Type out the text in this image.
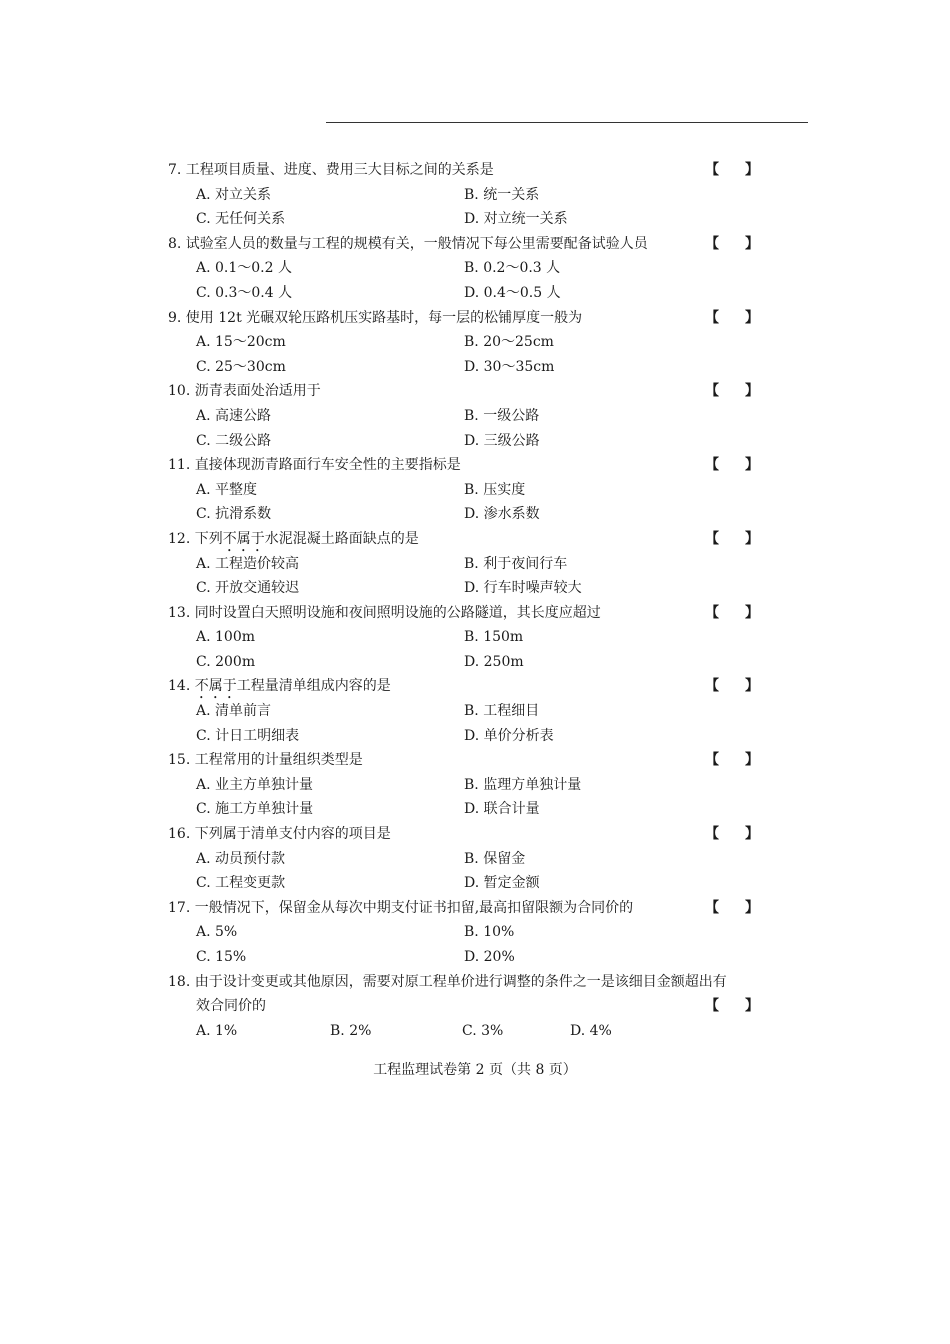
7. 工程项目质量、进度、费用三大目标之间的关系是	【 】
A. 对立关系	B. 统一关系
C. 无任何关系	D. 对立统一关系
8. 试验室人员的数量与工程的规模有关，一般情况下每公里需要配备试验人员	【 】
A. 0.1～0.2 人	B. 0.2～0.3 人
C. 0.3～0.4 人	D. 0.4～0.5 人
9. 使用 12t 光碾双轮压路机压实路基时，每一层的松铺厚度一般为	【 】
A. 15～20cm	B. 20～25cm
C. 25～30cm	D. 30～35cm
10. 沥青表面处治适用于	【 】
A. 高速公路	B. 一级公路
C. 二级公路	D. 三级公路
11. 直接体现沥青路面行车安全性的主要指标是	【 】
A. 平整度	B. 压实度
C. 抗滑系数	D. 渗水系数
12. 下列不属于水泥混凝土路面缺点的是	【 】
A. 工程造价较高	B. 利于夜间行车
C. 开放交通较迟	D. 行车时噪声较大
13. 同时设置白天照明设施和夜间照明设施的公路隧道，其长度应超过	【 】
A. 100m	B. 150m
C. 200m	D. 250m
14. 不属于工程量清单组成内容的是	【 】
A. 清单前言	B. 工程细目
C. 计日工明细表	D. 单价分析表
15. 工程常用的计量组织类型是	【 】
A. 业主方单独计量	B. 监理方单独计量
C. 施工方单独计量	D. 联合计量
16. 下列属于清单支付内容的项目是	【 】
A. 动员预付款	B. 保留金
C. 工程变更款	D. 暂定金额
17. 一般情况下，保留金从每次中期支付证书扣留,最高扣留限额为合同价的	【 】
A. 5%	B. 10%
C. 15%	D. 20%
18. 由于设计变更或其他原因，需要对原工程单价进行调整的条件之一是该细目金额超出有
效合同价的	【 】
A. 1%	B. 2%	C. 3%	D. 4%
工程监理试卷第 2 页（共 8 页）
